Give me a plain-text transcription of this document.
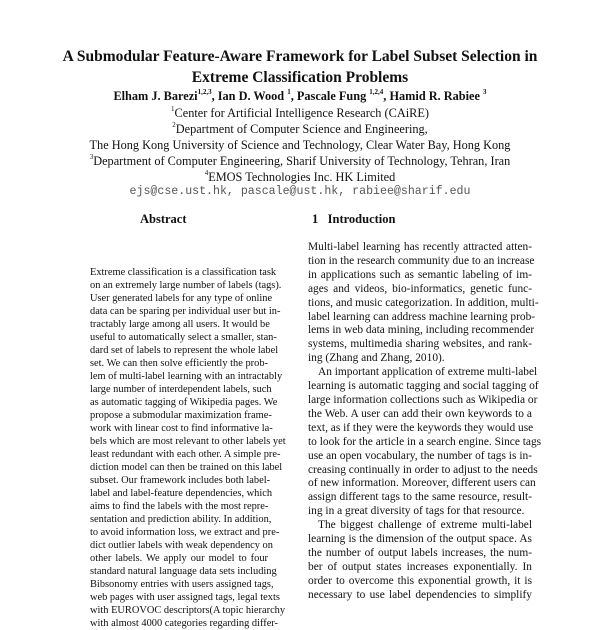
A Submodular Feature-Aware Framework for Label Subset Selection in
Extreme Classification Problems
Elham J. Barezi$^{1,2,3}$, Ian D. Wood $^1$, Pascale Fung $^{1,2,4}$, Hamid R. Rabiee $^3$
$^1$Center for Artificial Intelligence Research (CAiRE)
$^2$Department of Computer Science and Engineering,
The Hong Kong University of Science and Technology, Clear Water Bay, Hong Kong
$^3$Department of Computer Engineering, Sharif University of Technology, Tehran, Iran
$^4$EMOS Technologies Inc. HK Limited
ejs@cse.ust.hk, pascale@ust.hk, rabiee@sharif.edu
Abstract	1 Introduction
Extreme classification is a classification task
on an extremely large number of labels (tags).
User generated labels for any type of online
data can be sparing per individual user but in-
tractably large among all users. It would be
useful to automatically select a smaller, stan-
dard set of labels to represent the whole label
set. We can then solve efficiently the prob-
lem of multi-label learning with an intractably
large number of interdependent labels, such
as automatic tagging of Wikipedia pages. We
propose a submodular maximization frame-
work with linear cost to find informative la-
bels which are most relevant to other labels yet
least redundant with each other. A simple pre-
diction model can then be trained on this label
subset. Our framework includes both label-
label and label-feature dependencies, which
aims to find the labels with the most repre-
sentation and prediction ability. In addition,
to avoid information loss, we extract and pre-
dict outlier labels with weak dependency on
other labels. We apply our model to four
standard natural language data sets including
Bibsonomy entries with users assigned tags,
web pages with user assigned tags, legal texts
with EUROVOC descriptors(A topic hierarchy
with almost 4000 categories regarding differ-
Multi-label learning has recently attracted atten-
tion in the research community due to an increase
in applications such as semantic labeling of im-
ages and videos, bio-informatics, genetic func-
tions, and music categorization. In addition, multi-
label learning can address machine learning prob-
lems in web data mining, including recommender
systems, multimedia sharing websites, and rank-
ing (Zhang and Zhang, 2010).
An important application of extreme multi-label
learning is automatic tagging and social tagging of
large information collections such as Wikipedia or
the Web. A user can add their own keywords to a
text, as if they were the keywords they would use
to look for the article in a search engine. Since tags
use an open vocabulary, the number of tags is in-
creasing continually in order to adjust to the needs
of new information. Moreover, different users can
assign different tags to the same resource, result-
ing in a great diversity of tags for that resource.
The biggest challenge of extreme multi-label
learning is the dimension of the output space. As
the number of output labels increases, the num-
ber of output states increases exponentially. In
order to overcome this exponential growth, it is
necessary to use label dependencies to simplify
